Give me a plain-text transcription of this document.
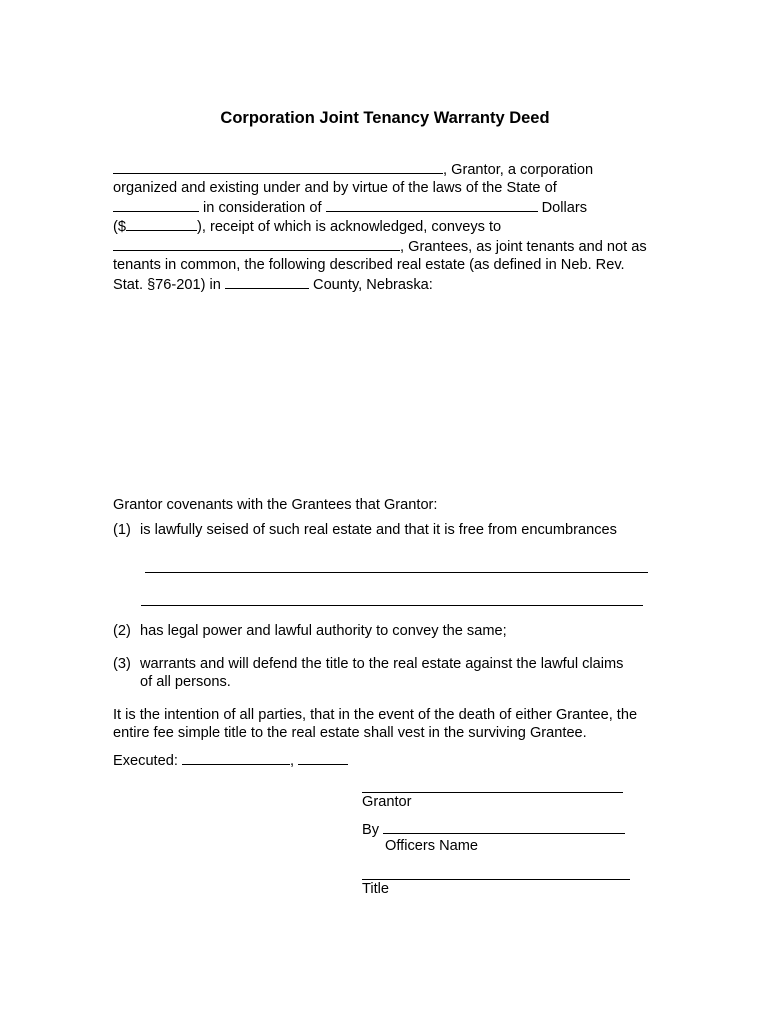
Corporation Joint Tenancy Warranty Deed
, Grantor, a corporation
organized and existing under and by virtue of the laws of the State of
in consideration of	Dollars
($	), receipt of which is acknowledged, conveys to
, Grantees, as joint tenants and not as
tenants in common, the following described real estate (as defined in Neb. Rev.
Stat. §76-201) in	County, Nebraska:
Grantor covenants with the Grantees that Grantor:
(1) is lawfully seised of such real estate and that it is free from encumbrances
(2) has legal power and lawful authority to convey the same;
(3) warrants and will defend the title to the real estate against the lawful claims
of all persons.
It is the intention of all parties, that in the event of the death of either Grantee, the
entire fee simple title to the real estate shall vest in the surviving Grantee.
Executed:	,
Grantor
By
Officers Name
Title
